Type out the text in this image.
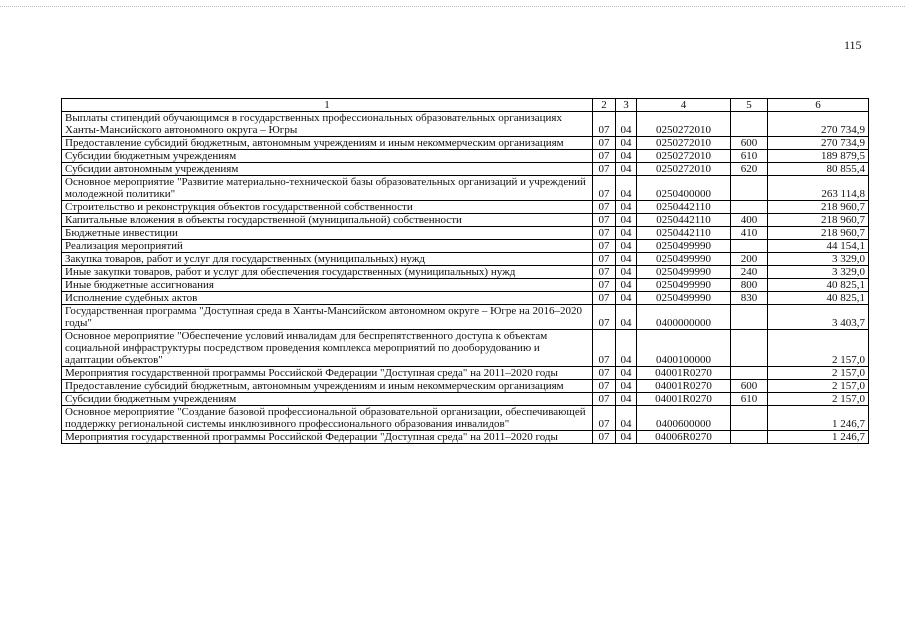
115
1	2	3	4	5	6
Выплаты стипендий обучающимся в государственных профессиональных образовательных организациях Ханты-Мансийского автономного округа – Югры	07	04	0250272010		270 734,9
Предоставление субсидий бюджетным, автономным учреждениям и иным некоммерческим организациям	07	04	0250272010	600	270 734,9
Субсидии бюджетным учреждениям	07	04	0250272010	610	189 879,5
Субсидии автономным учреждениям	07	04	0250272010	620	80 855,4
Основное мероприятие "Развитие материально-технической базы образовательных организаций и учреждений молодежной политики"	07	04	0250400000		263 114,8
Строительство и реконструкция объектов государственной собственности	07	04	0250442110		218 960,7
Капитальные вложения в объекты государственной (муниципальной) собственности	07	04	0250442110	400	218 960,7
Бюджетные инвестиции	07	04	0250442110	410	218 960,7
Реализация мероприятий	07	04	0250499990		44 154,1
Закупка товаров, работ и услуг для государственных (муниципальных) нужд	07	04	0250499990	200	3 329,0
Иные закупки товаров, работ и услуг для обеспечения государственных (муниципальных) нужд	07	04	0250499990	240	3 329,0
Иные бюджетные ассигнования	07	04	0250499990	800	40 825,1
Исполнение судебных актов	07	04	0250499990	830	40 825,1
Государственная программа "Доступная среда в Ханты-Мансийском автономном округе – Югре на 2016–2020 годы"	07	04	0400000000		3 403,7
Основное мероприятие "Обеспечение условий инвалидам для беспрепятственного доступа к объектам социальной инфраструктуры посредством проведения комплекса мероприятий по дооборудованию и адаптации объектов"	07	04	0400100000		2 157,0
Мероприятия государственной программы Российской Федерации "Доступная среда" на 2011–2020 годы	07	04	04001R0270		2 157,0
Предоставление субсидий бюджетным, автономным учреждениям и иным некоммерческим организациям	07	04	04001R0270	600	2 157,0
Субсидии бюджетным учреждениям	07	04	04001R0270	610	2 157,0
Основное мероприятие "Создание базовой профессиональной образовательной организации, обеспечивающей поддержку региональной системы инклюзивного профессионального образования инвалидов"	07	04	0400600000		1 246,7
Мероприятия государственной программы Российской Федерации "Доступная среда" на 2011–2020 годы	07	04	04006R0270		1 246,7
